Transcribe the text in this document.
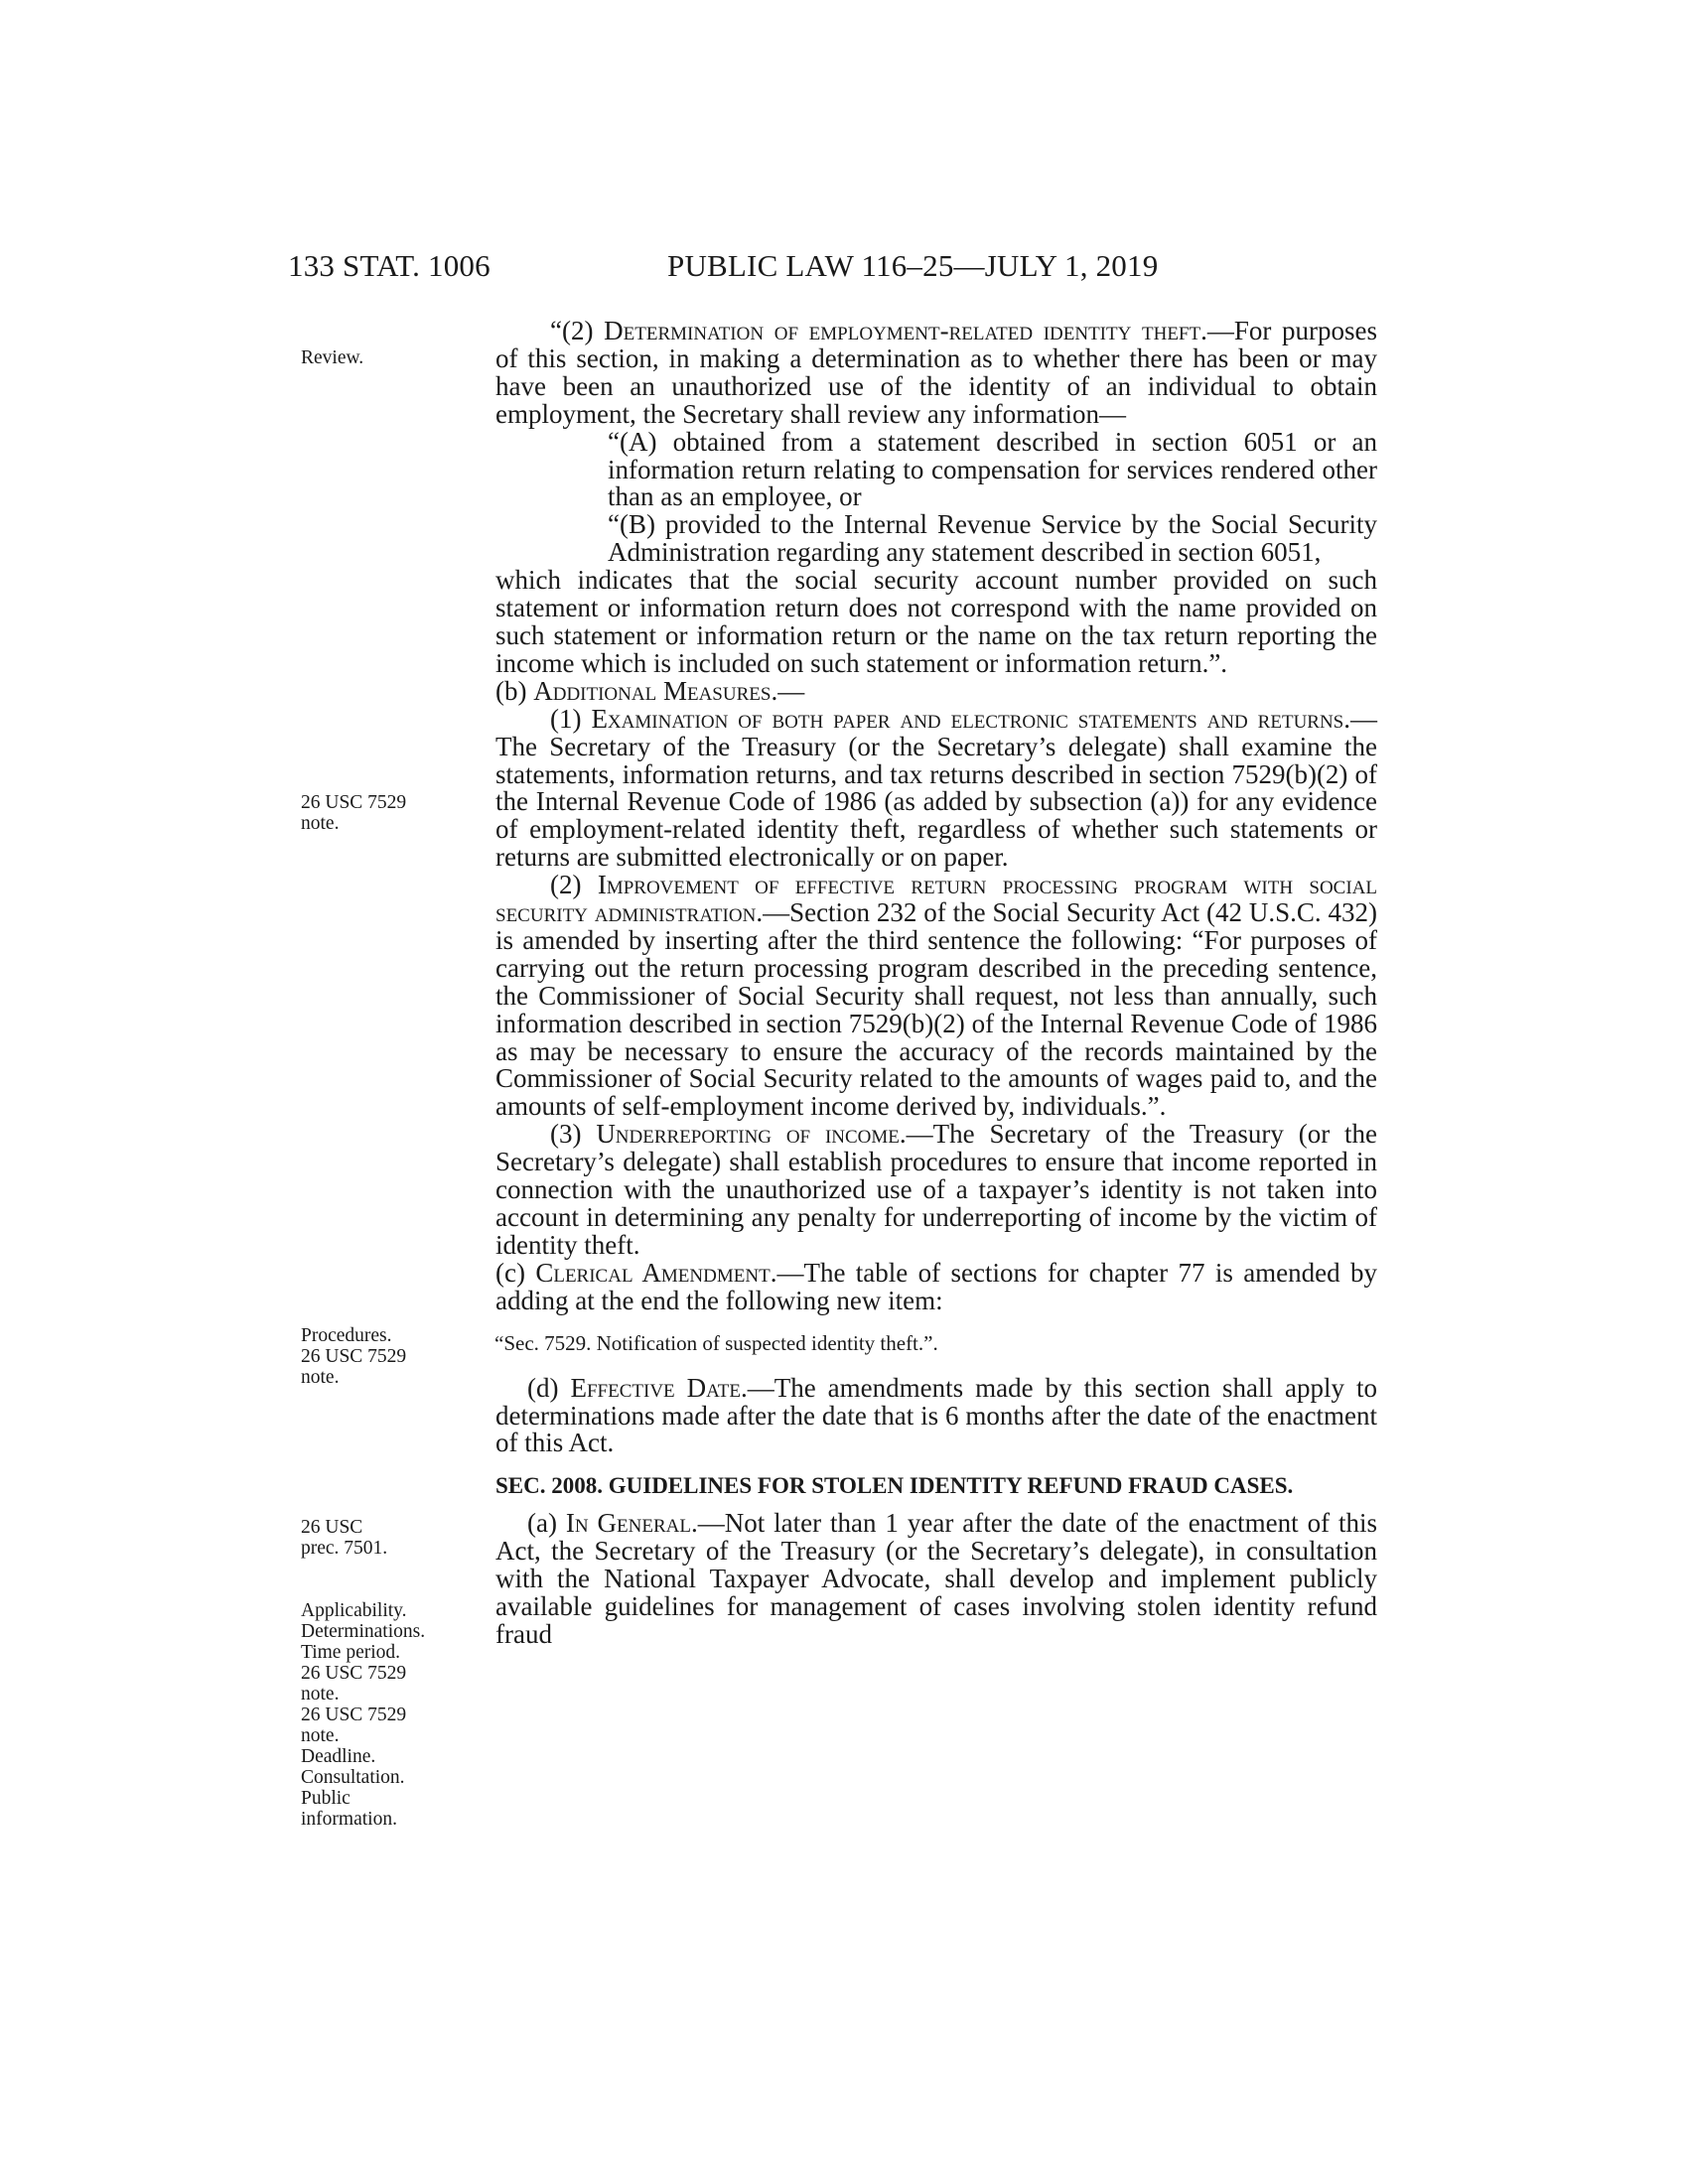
133 STAT. 1006	PUBLIC LAW 116–25—JULY 1, 2019
Review.
26 USC 7529
note.
Procedures.
26 USC 7529
note.
26 USC
prec. 7501.
Applicability.
Determinations.
Time period.
26 USC 7529
note.
26 USC 7529
note.
Deadline.
Consultation.
Public
information.

“(2) Determination of employment-related identity theft.—For purposes of this section, in making a determination as to whether there has been or may have been an unauthorized use of the identity of an individual to obtain employment, the Secretary shall review any information—

“(A) obtained from a statement described in section 6051 or an information return relating to compensation for services rendered other than as an employee, or

“(B) provided to the Internal Revenue Service by the Social Security Administration regarding any statement described in section 6051,

which indicates that the social security account number provided on such statement or information return does not correspond with the name provided on such statement or information return or the name on the tax return reporting the income which is included on such statement or information return.”.

(b) Additional Measures.—

(1) Examination of both paper and electronic statements and returns.—The Secretary of the Treasury (or the Secretary’s delegate) shall examine the statements, information returns, and tax returns described in section 7529(b)(2) of the Internal Revenue Code of 1986 (as added by subsection (a)) for any evidence of employment-related identity theft, regardless of whether such statements or returns are submitted electronically or on paper.

(2) Improvement of effective return processing program with social security administration.—Section 232 of the Social Security Act (42 U.S.C. 432) is amended by inserting after the third sentence the following: “For purposes of carrying out the return processing program described in the preceding sentence, the Commissioner of Social Security shall request, not less than annually, such information described in section 7529(b)(2) of the Internal Revenue Code of 1986 as may be necessary to ensure the accuracy of the records maintained by the Commissioner of Social Security related to the amounts of wages paid to, and the amounts of self-employment income derived by, individuals.”.

(3) Underreporting of income.—The Secretary of the Treasury (or the Secretary’s delegate) shall establish procedures to ensure that income reported in connection with the unauthorized use of a taxpayer’s identity is not taken into account in determining any penalty for underreporting of income by the victim of identity theft.

(c) Clerical Amendment.—The table of sections for chapter 77 is amended by adding at the end the following new item:

“Sec. 7529. Notification of suspected identity theft.”.

(d) Effective Date.—The amendments made by this section shall apply to determinations made after the date that is 6 months after the date of the enactment of this Act.

SEC. 2008. GUIDELINES FOR STOLEN IDENTITY REFUND FRAUD CASES.

(a) In General.—Not later than 1 year after the date of the enactment of this Act, the Secretary of the Treasury (or the Secretary’s delegate), in consultation with the National Taxpayer Advocate, shall develop and implement publicly available guidelines for management of cases involving stolen identity refund fraud
